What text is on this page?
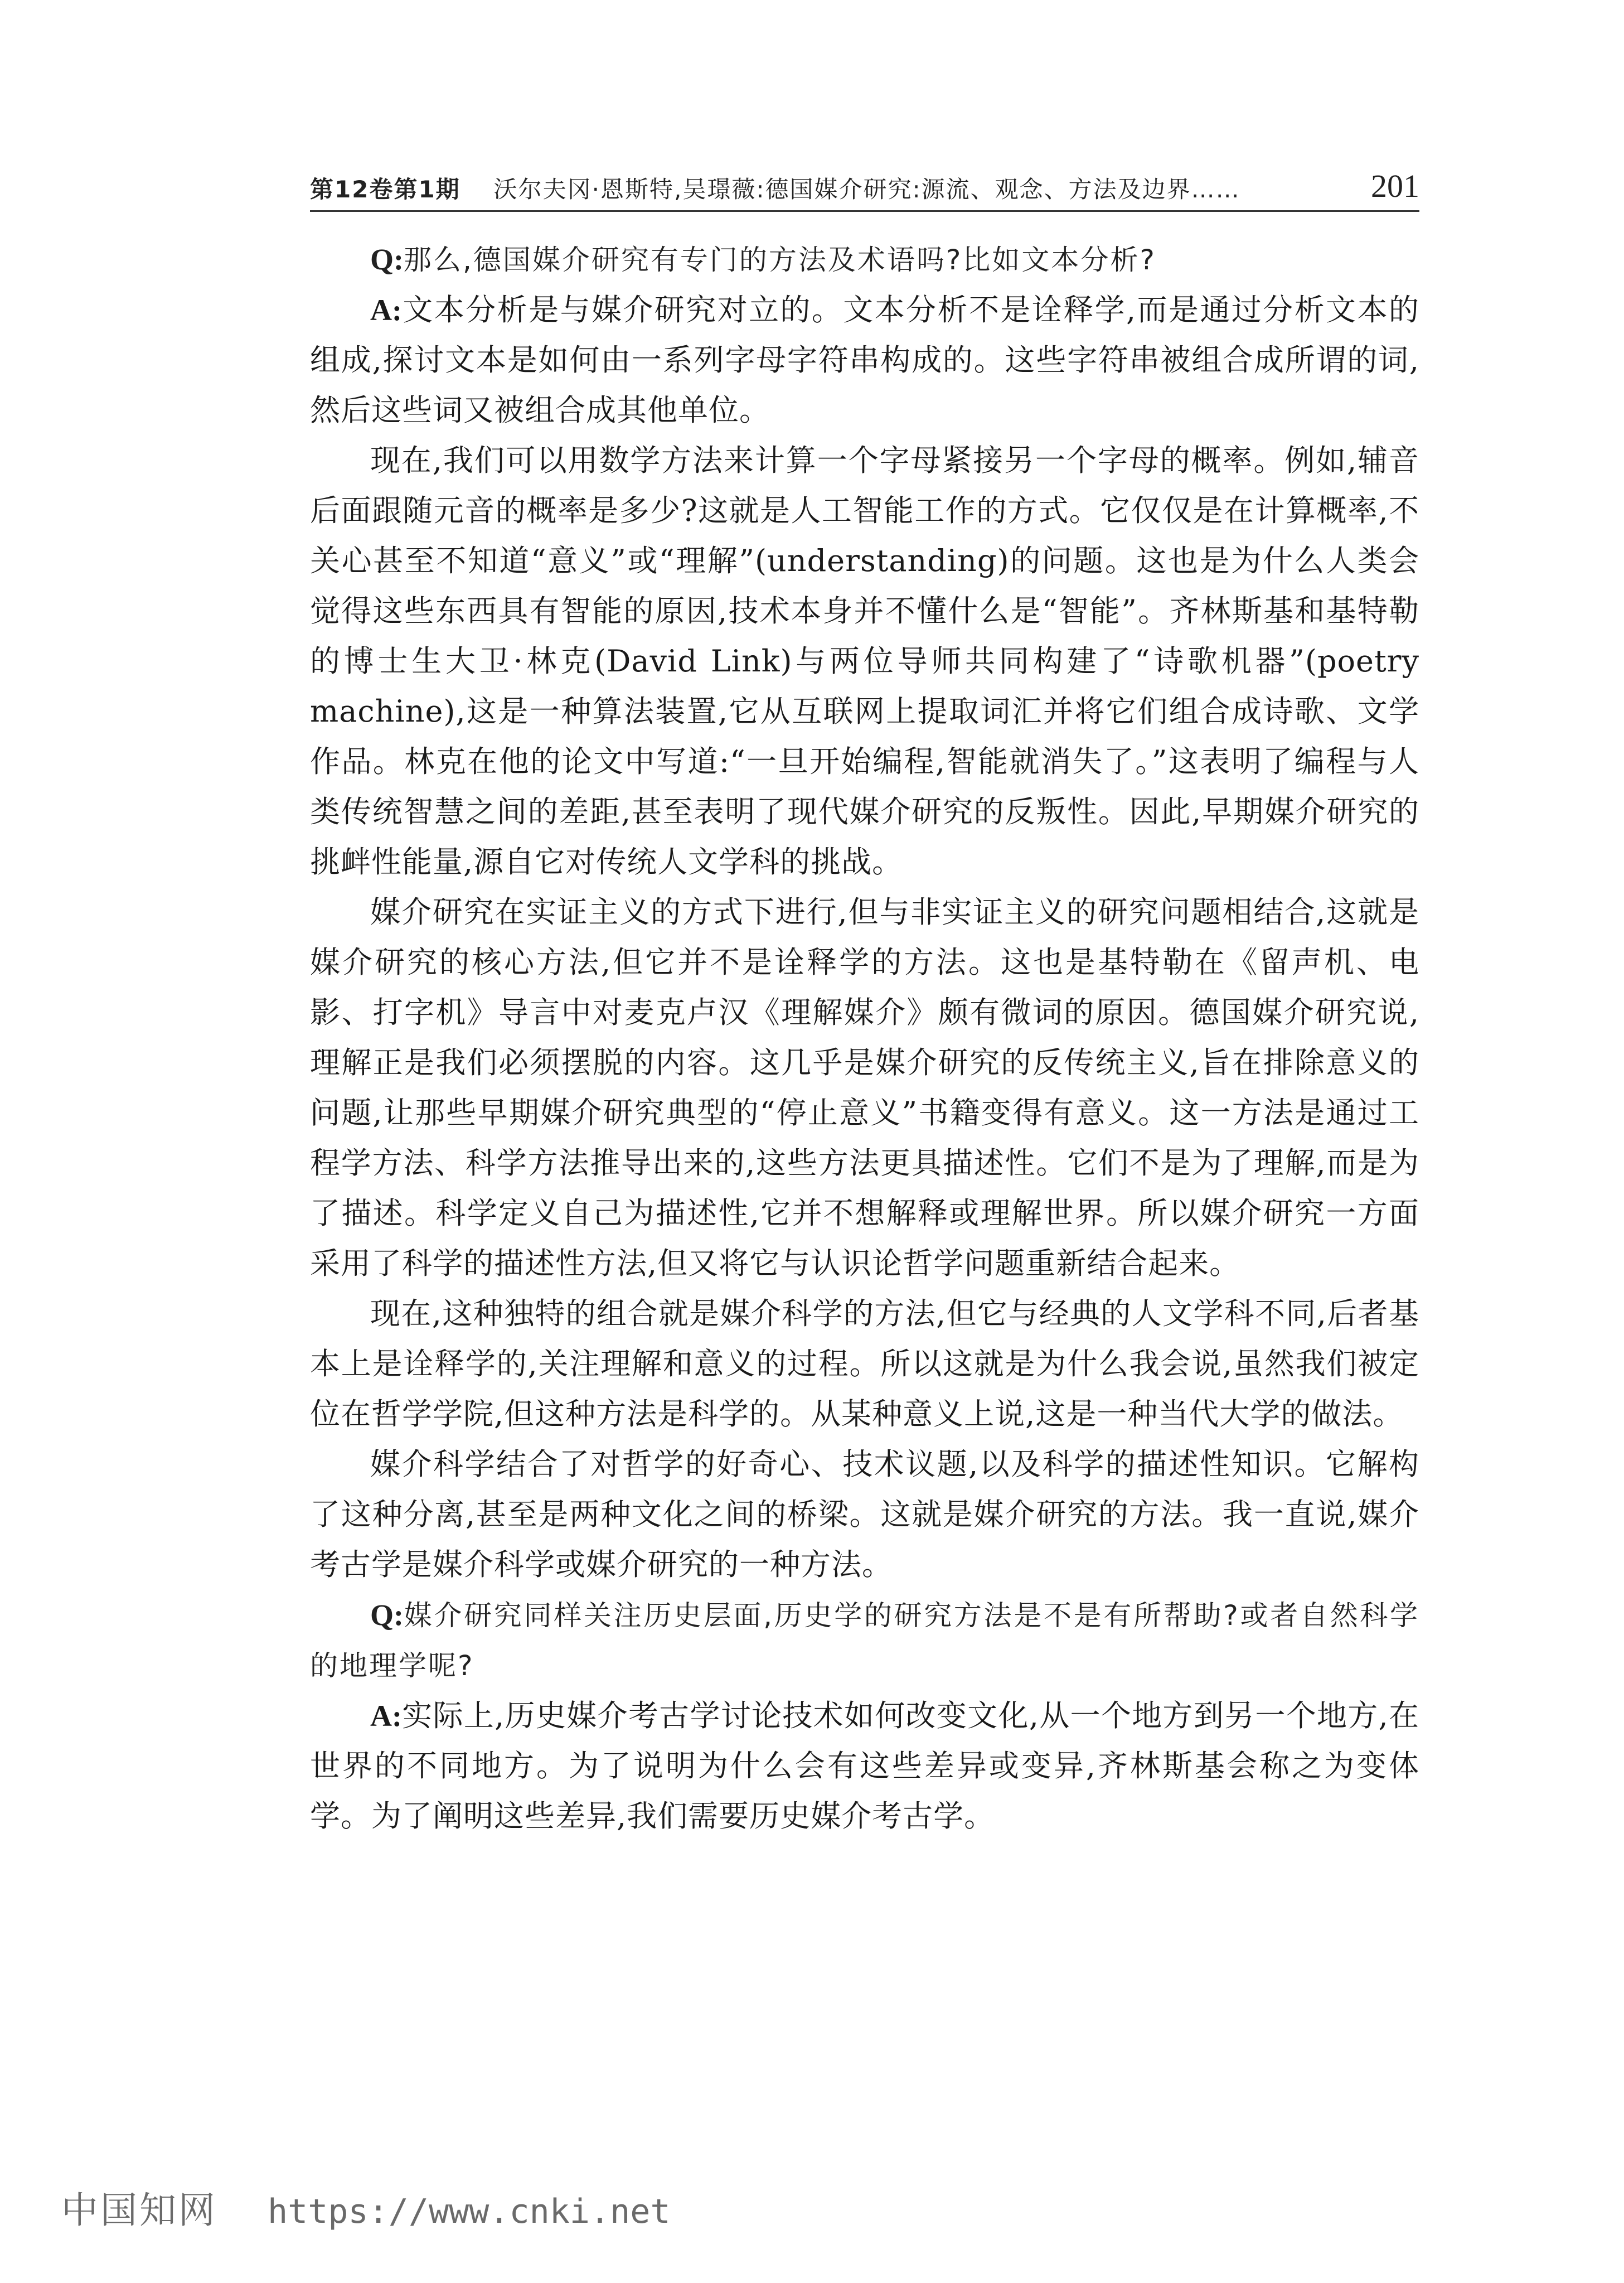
第12卷第1期 沃尔夫冈·恩斯特,吴璟薇:德国媒介研究:源流、观念、方法及边界……	201

Q:那么,德国媒介研究有专门的方法及术语吗?比如文本分析?

A:文本分析是与媒介研究对立的。文本分析不是诠释学,而是通过分析文本的组成,探讨文本是如何由一系列字母字符串构成的。这些字符串被组合成所谓的词,然后这些词又被组合成其他单位。

现在,我们可以用数学方法来计算一个字母紧接另一个字母的概率。例如,辅音后面跟随元音的概率是多少?这就是人工智能工作的方式。它仅仅是在计算概率,不关心甚至不知道“意义”或“理解”(understanding)的问题。这也是为什么人类会觉得这些东西具有智能的原因,技术本身并不懂什么是“智能”。齐林斯基和基特勒的博士生大卫·林克(David Link)与两位导师共同构建了“诗歌机器”(poetry machine),这是一种算法装置,它从互联网上提取词汇并将它们组合成诗歌、文学作品。林克在他的论文中写道:“一旦开始编程,智能就消失了。”这表明了编程与人类传统智慧之间的差距,甚至表明了现代媒介研究的反叛性。因此,早期媒介研究的挑衅性能量,源自它对传统人文学科的挑战。

媒介研究在实证主义的方式下进行,但与非实证主义的研究问题相结合,这就是媒介研究的核心方法,但它并不是诠释学的方法。这也是基特勒在《留声机、电影、打字机》导言中对麦克卢汉《理解媒介》颇有微词的原因。德国媒介研究说,理解正是我们必须摆脱的内容。这几乎是媒介研究的反传统主义,旨在排除意义的问题,让那些早期媒介研究典型的“停止意义”书籍变得有意义。这一方法是通过工程学方法、科学方法推导出来的,这些方法更具描述性。它们不是为了理解,而是为了描述。科学定义自己为描述性,它并不想解释或理解世界。所以媒介研究一方面采用了科学的描述性方法,但又将它与认识论哲学问题重新结合起来。

现在,这种独特的组合就是媒介科学的方法,但它与经典的人文学科不同,后者基本上是诠释学的,关注理解和意义的过程。所以这就是为什么我会说,虽然我们被定位在哲学学院,但这种方法是科学的。从某种意义上说,这是一种当代大学的做法。

媒介科学结合了对哲学的好奇心、技术议题,以及科学的描述性知识。它解构了这种分离,甚至是两种文化之间的桥梁。这就是媒介研究的方法。我一直说,媒介考古学是媒介科学或媒介研究的一种方法。

Q:媒介研究同样关注历史层面,历史学的研究方法是不是有所帮助?或者自然科学的地理学呢?

A:实际上,历史媒介考古学讨论技术如何改变文化,从一个地方到另一个地方,在世界的不同地方。为了说明为什么会有这些差异或变异,齐林斯基会称之为变体学。为了阐明这些差异,我们需要历史媒介考古学。

中国知网 https://www.cnki.net
